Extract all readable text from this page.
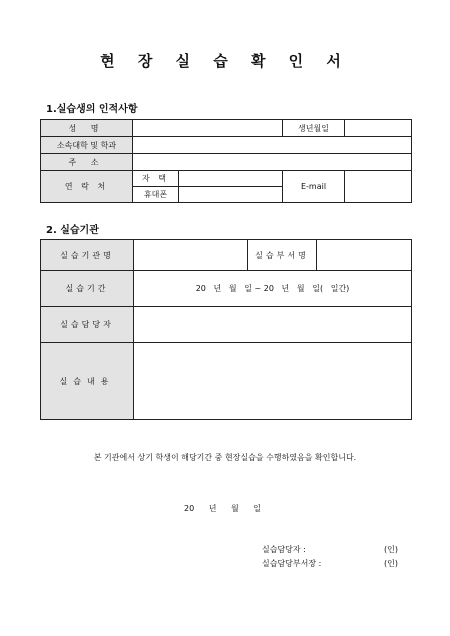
현 장 실 습 확 인 서
1.실습생의 인적사항
성 명			생년월일	
소속대학 및 학과				
주 소				
연 락 처	자 택		E-mail	
	휴대폰			
2. 실습기관
실습기관명		실습부서명	
실습기간	20   년   월   일 ~ 20   년   월   일(   일간)		
실습담당자			
실습내용			
본 기관에서 상기 학생이 해당기간 중 현장실습을 수행하였음을 확인합니다.
20 년 월 일
실습담당자 :	(인)
실습담당부서장 :	(인)
